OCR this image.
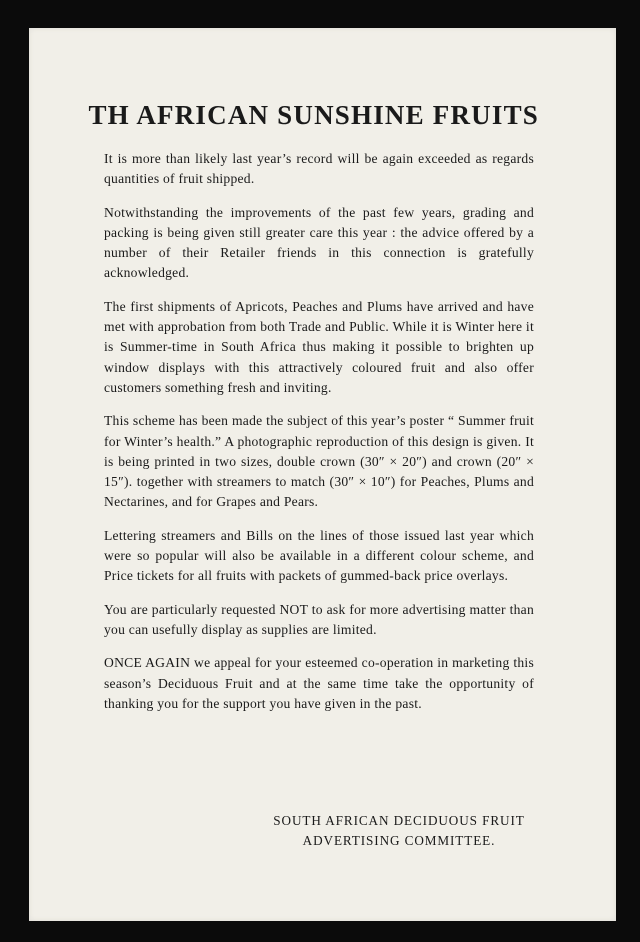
TH AFRICAN SUNSHINE FRUITS

It is more than likely last year’s record will be again exceeded as regards quantities of fruit shipped.

Notwithstanding the improvements of the past few years, grading and packing is being given still greater care this year : the advice offered by a number of their Retailer friends in this connection is gratefully acknowledged.

The first shipments of Apricots, Peaches and Plums have arrived and have met with approbation from both Trade and Public. While it is Winter here it is Summer-time in South Africa thus making it possible to brighten up window displays with this attractively coloured fruit and also offer customers something fresh and inviting.

This scheme has been made the subject of this year’s poster “ Summer fruit for Winter’s health.” A photographic reproduction of this design is given. It is being printed in two sizes, double crown (30″ × 20″) and crown (20″ × 15″). together with streamers to match (30″ × 10″) for Peaches, Plums and Nectarines, and for Grapes and Pears.

Lettering streamers and Bills on the lines of those issued last year which were so popular will also be available in a different colour scheme, and Price tickets for all fruits with packets of gummed-back price overlays.

You are particularly requested NOT to ask for more advertising matter than you can usefully display as supplies are limited.

ONCE AGAIN we appeal for your esteemed co-operation in marketing this season’s Deciduous Fruit and at the same time take the opportunity of thanking you for the support you have given in the past.

SOUTH AFRICAN DECIDUOUS FRUIT
ADVERTISING COMMITTEE.
